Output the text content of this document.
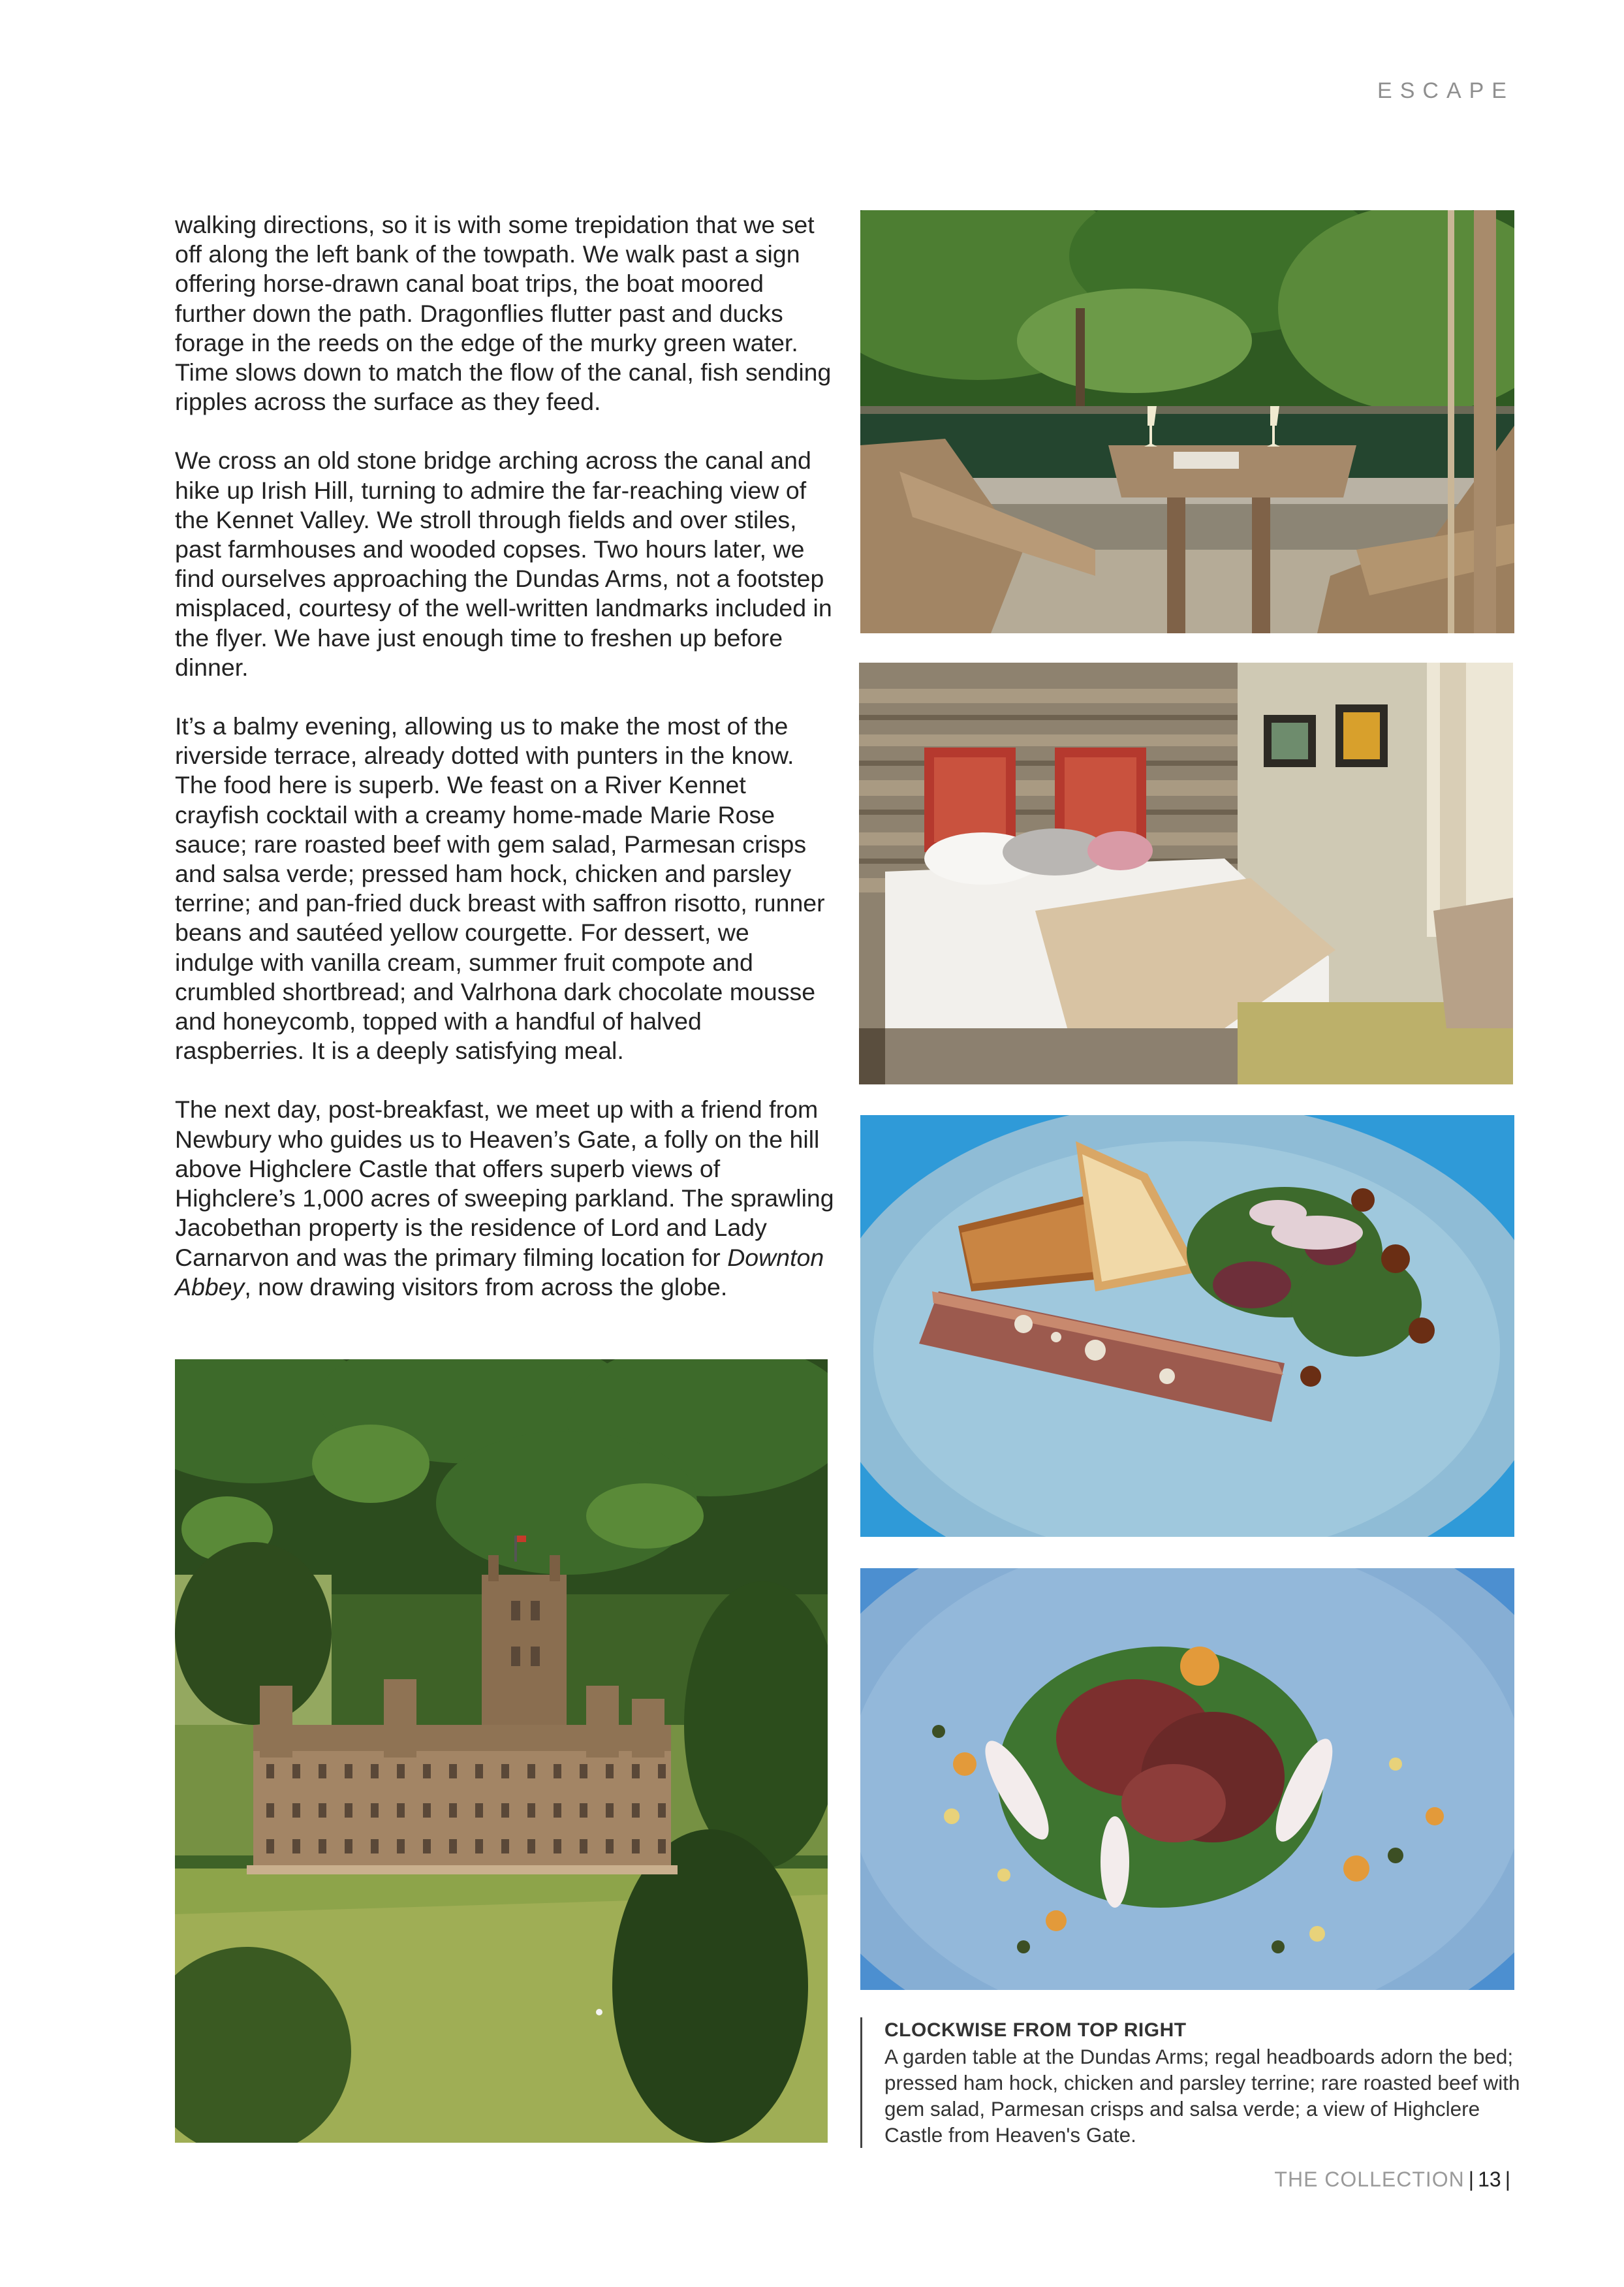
ESCAPE

walking directions, so it is with some trepidation that we set off along the left bank of the towpath. We walk past a sign offering horse-drawn canal boat trips, the boat moored further down the path. Dragonflies flutter past and ducks forage in the reeds on the edge of the murky green water. Time slows down to match the flow of the canal, fish sending ripples across the surface as they feed.

We cross an old stone bridge arching across the canal and hike up Irish Hill, turning to admire the far-reaching view of the Kennet Valley. We stroll through fields and over stiles, past farmhouses and wooded copses. Two hours later, we find ourselves approaching the Dundas Arms, not a footstep misplaced, courtesy of the well-written landmarks included in the flyer. We have just enough time to freshen up before dinner.

It’s a balmy evening, allowing us to make the most of the riverside terrace, already dotted with punters in the know. The food here is superb. We feast on a River Kennet crayfish cocktail with a creamy home-made Marie Rose sauce; rare roasted beef with gem salad, Parmesan crisps and salsa verde; pressed ham hock, chicken and parsley terrine; and pan-fried duck breast with saffron risotto, runner beans and sautéed yellow courgette. For dessert, we indulge with vanilla cream, summer fruit compote and crumbled shortbread; and Valrhona dark chocolate mousse and honeycomb, topped with a handful of halved raspberries. It is a deeply satisfying meal.

The next day, post-breakfast, we meet up with a friend from Newbury who guides us to Heaven’s Gate, a folly on the hill above Highclere Castle that offers superb views of Highclere’s 1,000 acres of sweeping parkland. The sprawling Jacobethan property is the residence of Lord and Lady Carnarvon and was the primary filming location for Downton Abbey, now drawing visitors from across the globe.

CLOCKWISE FROM TOP RIGHT
A garden table at the Dundas Arms; regal headboards adorn the bed; pressed ham hock, chicken and parsley terrine; rare roasted beef with gem salad, Parmesan crisps and salsa verde; a view of Highclere Castle from Heaven's Gate.
THE COLLECTION | 13 |
